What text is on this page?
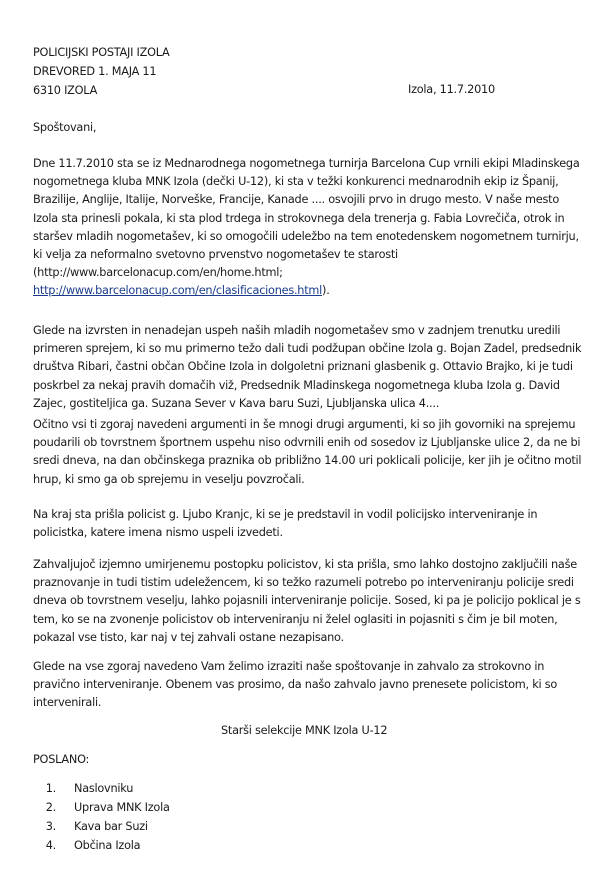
POLICIJSKI POSTAJI IZOLA
DREVORED 1. MAJA 11
6310 IZOLA	Izola, 11.7.2010
Spoštovani,
Dne 11.7.2010 sta se iz Mednarodnega nogometnega turnirja Barcelona Cup vrnili ekipi Mladinskega
nogometnega kluba MNK Izola (dečki U-12), ki sta v težki konkurenci mednarodnih ekip iz Španij,
Brazilije, Anglije, Italije, Norveške, Francije, Kanade .... osvojili prvo in drugo mesto. V naše mesto
Izola sta prinesli pokala, ki sta plod trdega in strokovnega dela trenerja g. Fabia Lovrečiča, otrok in
staršev mladih nogometašev, ki so omogočili udeležbo na tem enotedenskem nogometnem turnirju,
ki velja za neformalno svetovno prvenstvo nogometašev te starosti
(http://www.barcelonacup.com/en/home.html;
http://www.barcelonacup.com/en/clasificaciones.html).
Glede na izvrsten in nenadejan uspeh naših mladih nogometašev smo v zadnjem trenutku uredili
primeren sprejem, ki so mu primerno težo dali tudi podžupan občine Izola g. Bojan Zadel, predsednik
društva Ribari, častni občan Občine Izola in dolgoletni priznani glasbenik g. Ottavio Brajko, ki je tudi
poskrbel za nekaj pravih domačih viž, Predsednik Mladinskega nogometnega kluba Izola g. David
Zajec, gostiteljica ga. Suzana Sever v Kava baru Suzi, Ljubljanska ulica 4....
Očitno vsi ti zgoraj navedeni argumenti in še mnogi drugi argumenti, ki so jih govorniki na sprejemu
poudarili ob tovrstnem športnem uspehu niso odvrnili enih od sosedov iz Ljubljanske ulice 2, da ne bi
sredi dneva, na dan občinskega praznika ob približno 14.00 uri poklicali policije, ker jih je očitno motil
hrup, ki smo ga ob sprejemu in veselju povzročali.
Na kraj sta prišla policist g. Ljubo Kranjc, ki se je predstavil in vodil policijsko interveniranje in
policistka, katere imena nismo uspeli izvedeti.
Zahvaljujoč izjemno umirjenemu postopku policistov, ki sta prišla, smo lahko dostojno zaključili naše
praznovanje in tudi tistim udeležencem, ki so težko razumeli potrebo po interveniranju policije sredi
dneva ob tovrstnem veselju, lahko pojasnili interveniranje policije. Sosed, ki pa je policijo poklical je s
tem, ko se na zvonenje policistov ob interveniranju ni želel oglasiti in pojasniti s čim je bil moten,
pokazal vse tisto, kar naj v tej zahvali ostane nezapisano.
Glede na vse zgoraj navedeno Vam želimo izraziti naše spoštovanje in zahvalo za strokovno in
pravično interveniranje. Obenem vas prosimo, da našo zahvalo javno prenesete policistom, ki so
intervenirali.
Starši selekcije MNK Izola U-12
POSLANO:
1. Naslovniku
2. Uprava MNK Izola
3. Kava bar Suzi
4. Občina Izola
